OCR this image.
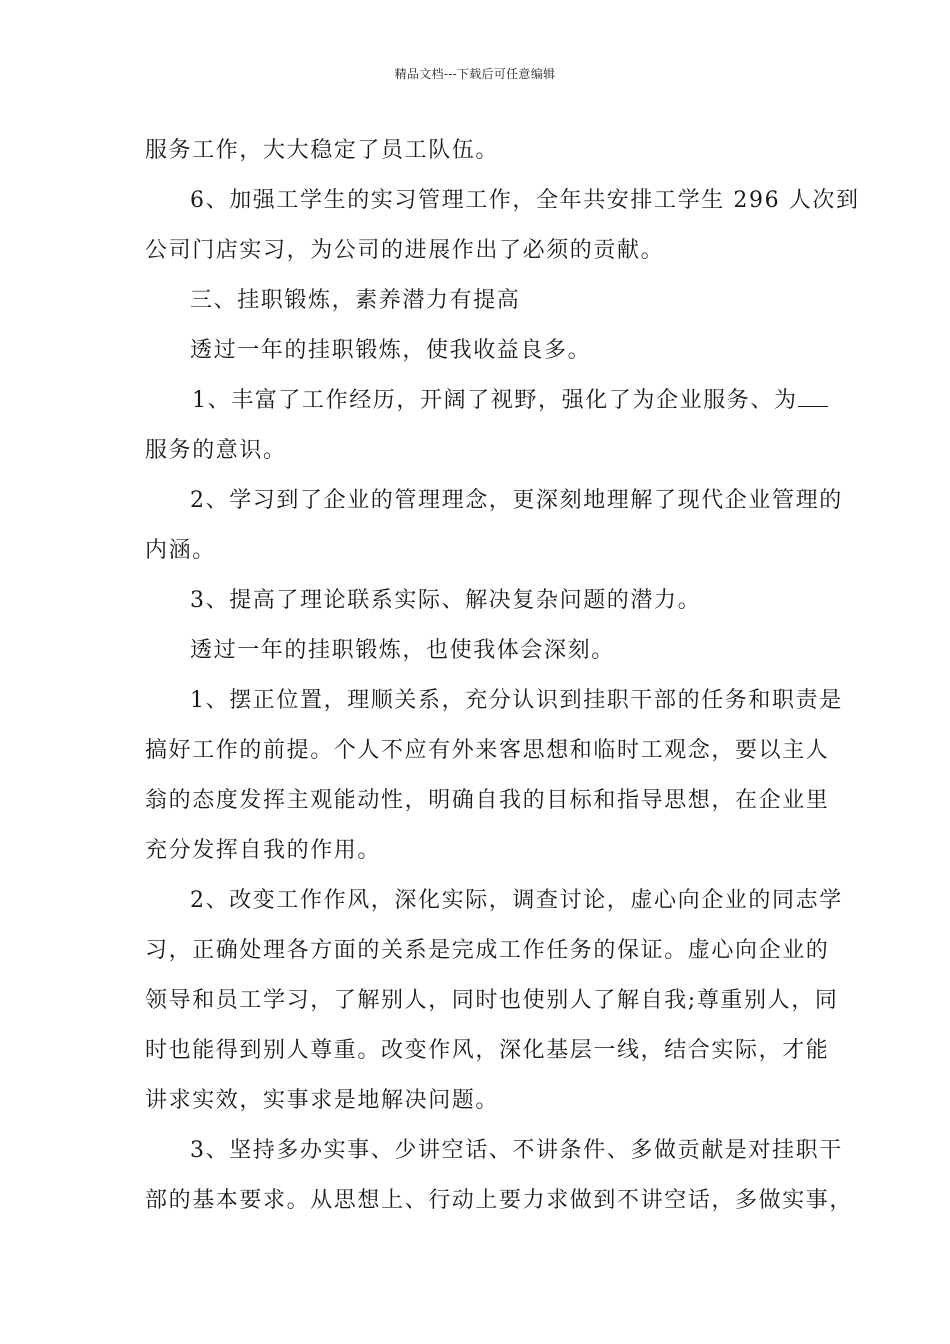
精品文档---下载后可任意编辑
服务工作，大大稳定了员工队伍。
6、加强工学生的实习管理工作，全年共安排工学生 296 人次到
公司门店实习，为公司的进展作出了必须的贡献。
三、挂职锻炼，素养潜力有提高
透过一年的挂职锻炼，使我收益良多。
1、丰富了工作经历，开阔了视野，强化了为企业服务、为
服务的意识。
2、学习到了企业的管理理念，更深刻地理解了现代企业管理的
内涵。
3、提高了理论联系实际、解决复杂问题的潜力。
透过一年的挂职锻炼，也使我体会深刻。
1、摆正位置，理顺关系，充分认识到挂职干部的任务和职责是
搞好工作的前提。个人不应有外来客思想和临时工观念，要以主人
翁的态度发挥主观能动性，明确自我的目标和指导思想，在企业里
充分发挥自我的作用。
2、改变工作作风，深化实际，调查讨论，虚心向企业的同志学
习，正确处理各方面的关系是完成工作任务的保证。虚心向企业的
领导和员工学习，了解别人，同时也使别人了解自我;尊重别人，同
时也能得到别人尊重。改变作风，深化基层一线，结合实际，才能
讲求实效，实事求是地解决问题。
3、坚持多办实事、少讲空话、不讲条件、多做贡献是对挂职干
部的基本要求。从思想上、行动上要力求做到不讲空话，多做实事，
